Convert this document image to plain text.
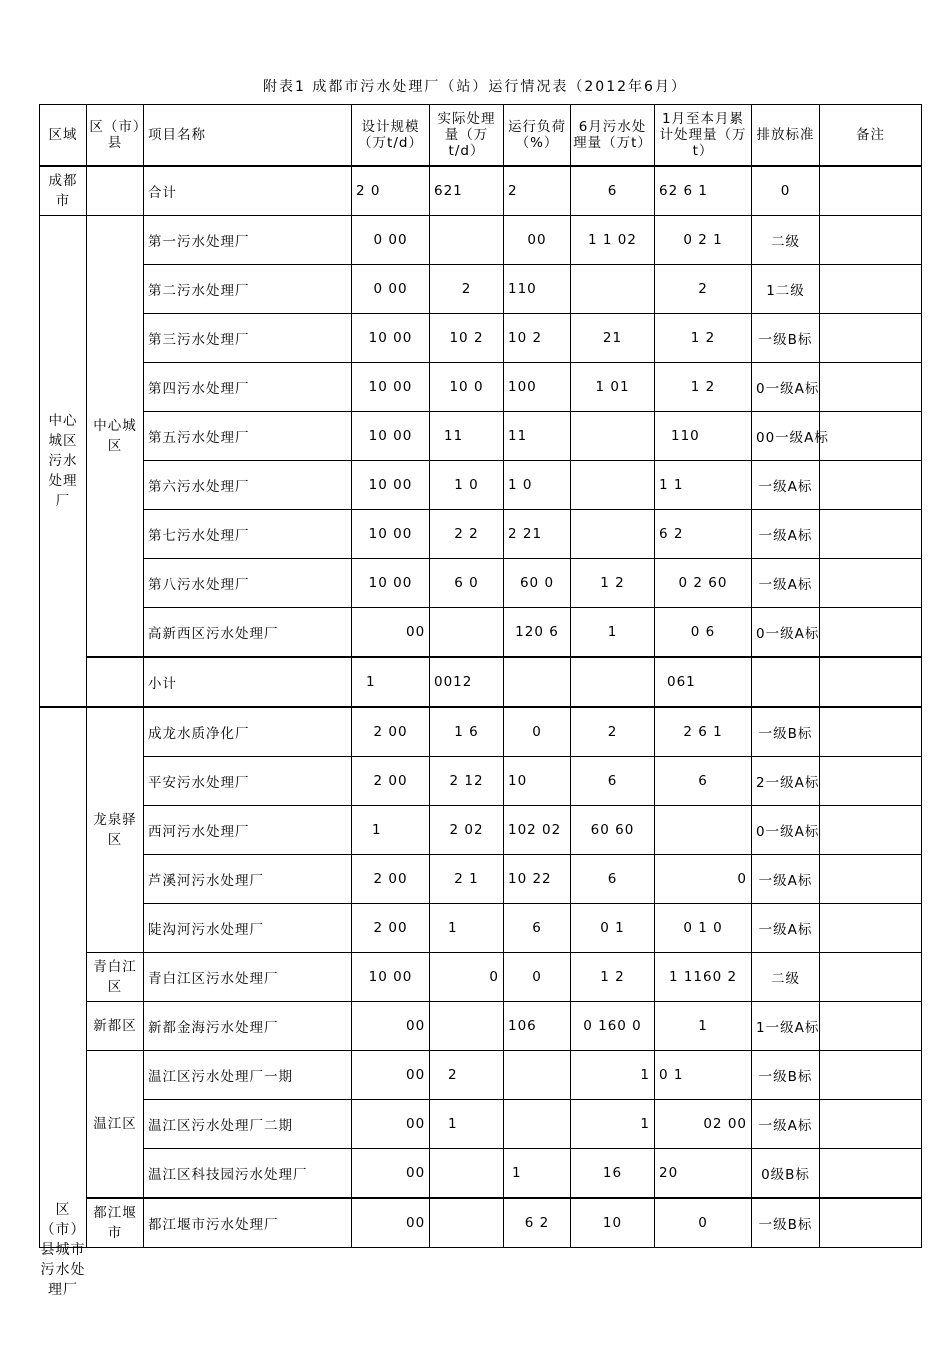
附表1 成都市污水处理厂（站）运行情况表（2012年6月）
区域	区（市）县	项目名称	设计规模（万t/d）	实际处理量（万t/d）	运行负荷（%）	6月污水处理量（万t）	1月至本月累计处理量（万t）	排放标准	备注
成都市		合计	2 0	621	2	6	62 6 1	0	
中心城区污水处理厂	中心城区	第一污水处理厂	0 00		00	1 1 02	0 2 1	二级	
		第二污水处理厂	0 00	2	110		2	1二级	
		第三污水处理厂	10 00	10 2	10 2	21	1 2	一级B标	
		第四污水处理厂	10 00	10 0	100	1 01	1 2	0一级A标	
		第五污水处理厂	10 00	11	11		110	00一级A标	
		第六污水处理厂	10 00	1 0	1 0		1 1	一级A标	
		第七污水处理厂	10 00	2 2	2 21		6 2	一级A标	
		第八污水处理厂	10 00	6 0	60 0	1 2	0 2 60	一级A标	
		高新西区污水处理厂	00		120 6	1	0 6	0一级A标	
		小计	1	0012			061		
	龙泉驿区	成龙水质净化厂	2 00	1 6	0	2	2 6 1	一级B标	
		平安污水处理厂	2 00	2 12	10	6	6	2一级A标	
		西河污水处理厂	1	2 02	102 02	60 60		0一级A标	
		芦溪河污水处理厂	2 00	2 1	10 22	6	0	一级A标	
		陡沟河污水处理厂	2 00	1	6	0 1	0 1 0	一级A标	
	青白江区	青白江区污水处理厂	10 00	0	0	1 2	1 1160 2	二级	
	新都区	新都金海污水处理厂	00		106	0 160 0	1	1一级A标	
	温江区	温江区污水处理厂一期	00	2		1	0 1	一级B标	
		温江区污水处理厂二期	00	1		1	02 00	一级A标	
		温江区科技园污水处理厂	00		1	16	20	0级B标	
	都江堰市	都江堰市污水处理厂	00		6 2	10	0	一级B标	
区（市）县城市污水处理厂
